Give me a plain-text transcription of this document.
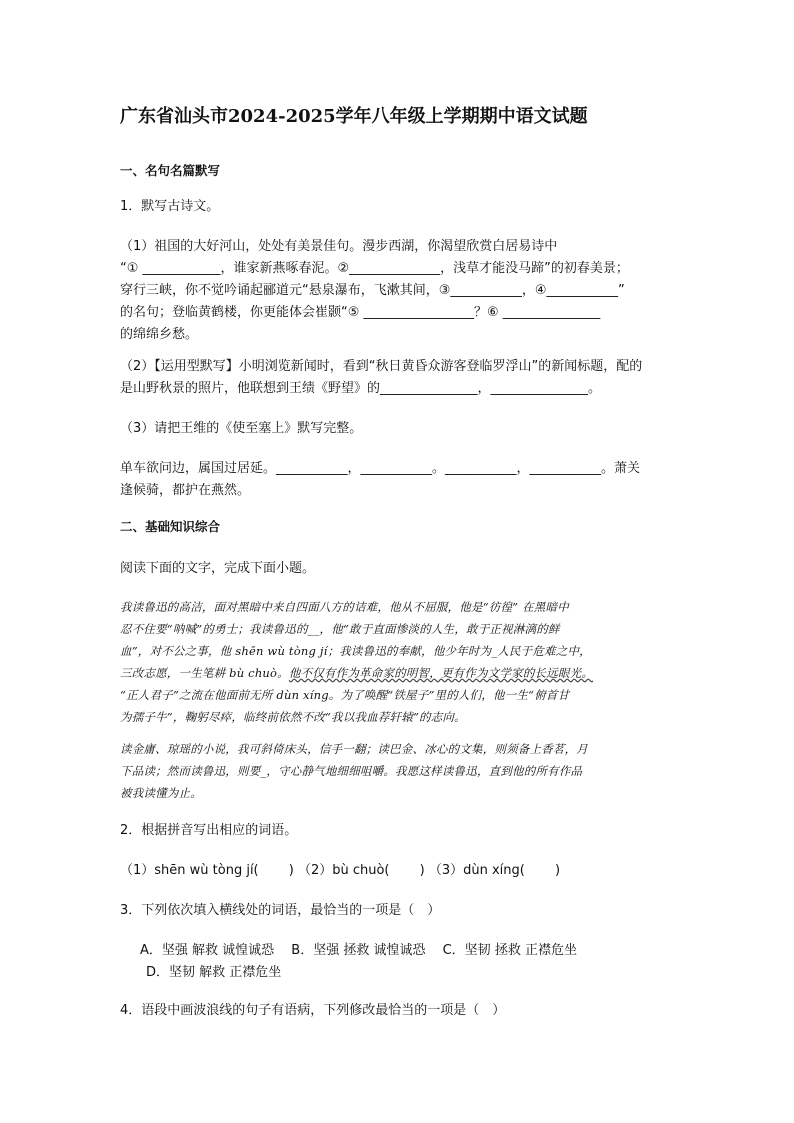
广东省汕头市2024-2025学年八年级上学期期中语文试题
一、名句名篇默写
1．默写古诗文。
（1）祖国的大好河山，处处有美景佳句。漫步西湖，你渴望欣赏白居易诗中
“① ____________，谁家新燕啄春泥。②______________，浅草才能没马蹄”的初春美景；
穿行三峡，你不觉吟诵起郦道元“悬泉瀑布，飞漱其间，③___________，④___________”
的名句；登临黄鹤楼，你更能体会崔颢“⑤ _________________？⑥ _______________
的绵绵乡愁。
（2）【运用型默写】小明浏览新闻时，看到“秋日黄昏众游客登临罗浮山”的新闻标题，配的
是山野秋景的照片，他联想到王绩《野望》的_______________，_______________。
（3）请把王维的《使至塞上》默写完整。
单车欲问边，属国过居延。___________，___________。___________，___________。萧关
逢候骑，都护在燕然。
二、基础知识综合
阅读下面的文字，完成下面小题。
我读鲁迅的高洁，面对黑暗中来自四面八方的诘难，他从不屈服，他是“彷徨” 在黑暗中
忍不住要“呐喊”的勇士；我读鲁迅的__，他“敢于直面惨淡的人生，敢于正视淋漓的鲜
血”，对不公之事，他 shēn wù tòng jí；我读鲁迅的奉献，他少年时为_人民于危难之中，
三改志愿，一生笔耕 bù chuò。他不仅有作为革命家的明智，更有作为文学家的长远眼光。
“正人君子”之流在他面前无所 dùn xíng。为了唤醒“铁屋子”里的人们，他一生“俯首甘
为孺子牛”，鞠躬尽瘁，临终前依然不改“我以我血荐轩辕”的志向。
读金庸、琼瑶的小说，我可斜倚床头，信手一翻；读巴金、冰心的文集，则须备上香茗，月
下品读；然而读鲁迅，则要_，守心静气地细细咀嚼。我愿这样读鲁迅，直到他的所有作品
被我读懂为止。
2．根据拼音写出相应的词语。
（1）shēn wù tòng jí(　　 ) （2）bù chuò(　　 ) （3）dùn xíng(　　 )
3．下列依次填入横线处的词语，最恰当的一项是（　）
A．坚强 解救 诚惶诚恐　 B．坚强 拯救 诚惶诚恐　 C．坚韧 拯救 正襟危坐
D．坚韧 解救 正襟危坐
4．语段中画波浪线的句子有语病，下列修改最恰当的一项是（　）
